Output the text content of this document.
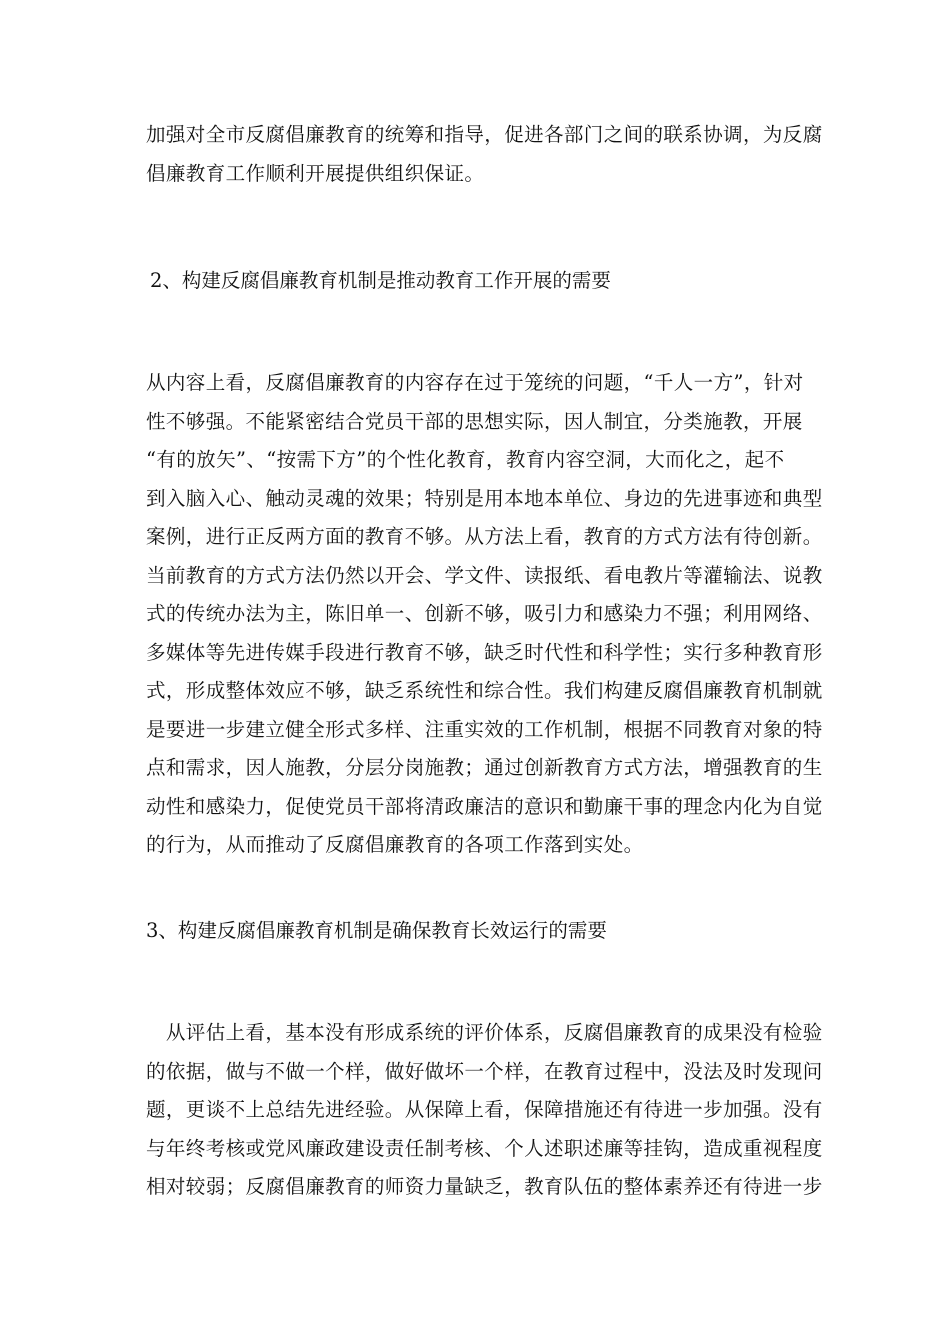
加强对全市反腐倡廉教育的统筹和指导，促进各部门之间的联系协调，为反腐
倡廉教育工作顺利开展提供组织保证。
2、构建反腐倡廉教育机制是推动教育工作开展的需要
从内容上看，反腐倡廉教育的内容存在过于笼统的问题，“千人一方”，针对
性不够强。不能紧密结合党员干部的思想实际，因人制宜，分类施教，开展
“有的放矢”、“按需下方”的个性化教育，教育内容空洞，大而化之，起不
到入脑入心、触动灵魂的效果；特别是用本地本单位、身边的先进事迹和典型
案例，进行正反两方面的教育不够。从方法上看，教育的方式方法有待创新。
当前教育的方式方法仍然以开会、学文件、读报纸、看电教片等灌输法、说教
式的传统办法为主，陈旧单一、创新不够，吸引力和感染力不强；利用网络、
多媒体等先进传媒手段进行教育不够，缺乏时代性和科学性；实行多种教育形
式，形成整体效应不够，缺乏系统性和综合性。我们构建反腐倡廉教育机制就
是要进一步建立健全形式多样、注重实效的工作机制，根据不同教育对象的特
点和需求，因人施教，分层分岗施教；通过创新教育方式方法，增强教育的生
动性和感染力，促使党员干部将清政廉洁的意识和勤廉干事的理念内化为自觉
的行为，从而推动了反腐倡廉教育的各项工作落到实处。
3、构建反腐倡廉教育机制是确保教育长效运行的需要
　从评估上看，基本没有形成系统的评价体系，反腐倡廉教育的成果没有检验
的依据，做与不做一个样，做好做坏一个样，在教育过程中，没法及时发现问
题，更谈不上总结先进经验。从保障上看，保障措施还有待进一步加强。没有
与年终考核或党风廉政建设责任制考核、个人述职述廉等挂钩，造成重视程度
相对较弱；反腐倡廉教育的师资力量缺乏，教育队伍的整体素养还有待进一步
